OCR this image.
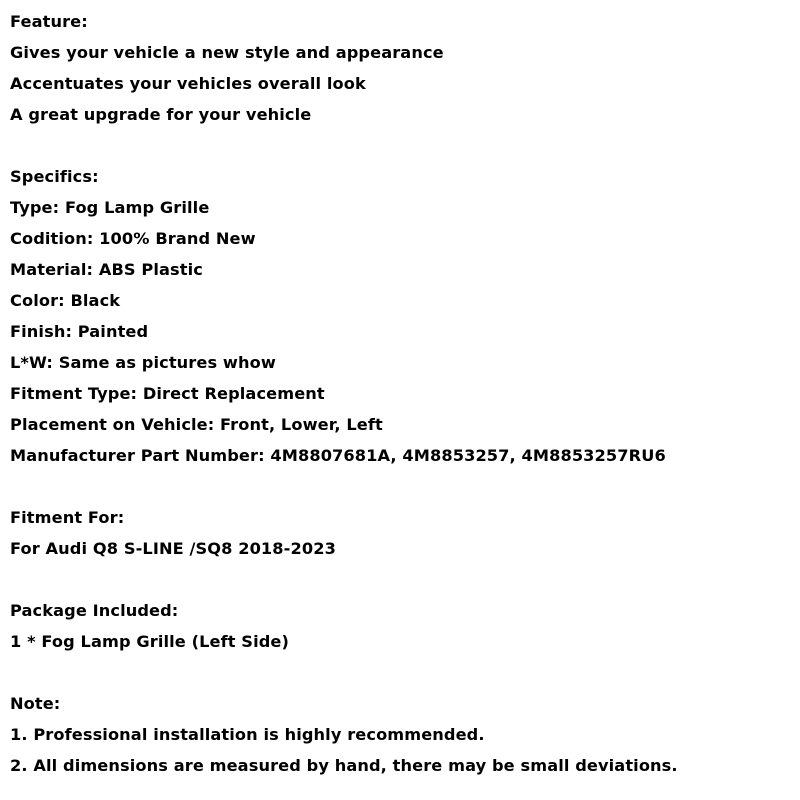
Feature:
Gives your vehicle a new style and appearance
Accentuates your vehicles overall look
A great upgrade for your vehicle
Specifics:
Type: Fog Lamp Grille
Codition: 100% Brand New
Material: ABS Plastic
Color: Black
Finish: Painted
L*W: Same as pictures whow
Fitment Type: Direct Replacement
Placement on Vehicle: Front, Lower, Left
Manufacturer Part Number: 4M8807681A, 4M8853257, 4M8853257RU6
Fitment For:
For Audi Q8 S-LINE /SQ8 2018-2023
Package Included:
1 * Fog Lamp Grille (Left Side)
Note:
1. Professional installation is highly recommended.
2. All dimensions are measured by hand, there may be small deviations.
